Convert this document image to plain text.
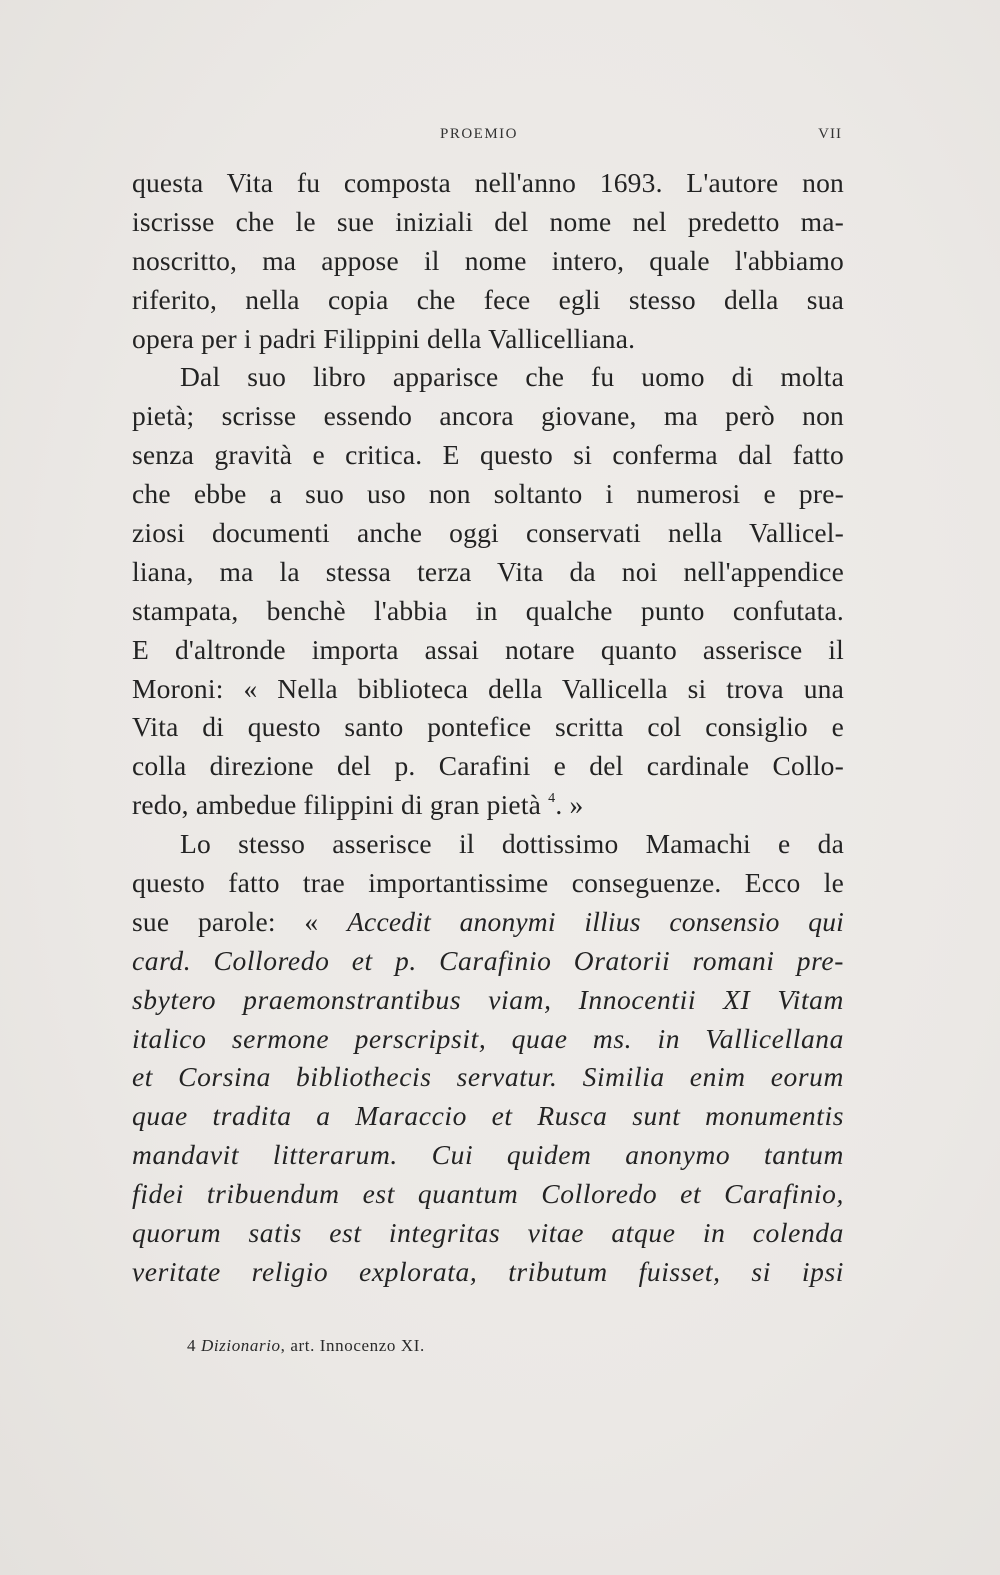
PROEMIO	VII
questa Vita fu composta nell'anno 1693. L'autore non
iscrisse che le sue iniziali del nome nel predetto ma-
noscritto, ma appose il nome intero, quale l'abbiamo
riferito, nella copia che fece egli stesso della sua
opera per i padri Filippini della Vallicelliana.
Dal suo libro apparisce che fu uomo di molta
pietà; scrisse essendo ancora giovane, ma però non
senza gravità e critica. E questo si conferma dal fatto
che ebbe a suo uso non soltanto i numerosi e pre-
ziosi documenti anche oggi conservati nella Vallicel-
liana, ma la stessa terza Vita da noi nell'appendice
stampata, benchè l'abbia in qualche punto confutata.
E d'altronde importa assai notare quanto asserisce il
Moroni: « Nella biblioteca della Vallicella si trova una
Vita di questo santo pontefice scritta col consiglio e
colla direzione del p. Carafini e del cardinale Collo-
redo, ambedue filippini di gran pietà $^4$. »
Lo stesso asserisce il dottissimo Mamachi e da
questo fatto trae importantissime conseguenze. Ecco le
sue parole: « Accedit anonymi illius consensio qui
card. Colloredo et p. Carafinio Oratorii romani pre-
sbytero praemonstrantibus viam, Innocentii XI Vitam
italico sermone perscripsit, quae ms. in Vallicellana
et Corsina bibliothecis servatur. Similia enim eorum
quae tradita a Maraccio et Rusca sunt monumentis
mandavit litterarum. Cui quidem anonymo tantum
fidei tribuendum est quantum Colloredo et Carafinio,
quorum satis est integritas vitae atque in colenda
veritate religio explorata, tributum fuisset, si ipsi
4 Dizionario, art. Innocenzo XI.
